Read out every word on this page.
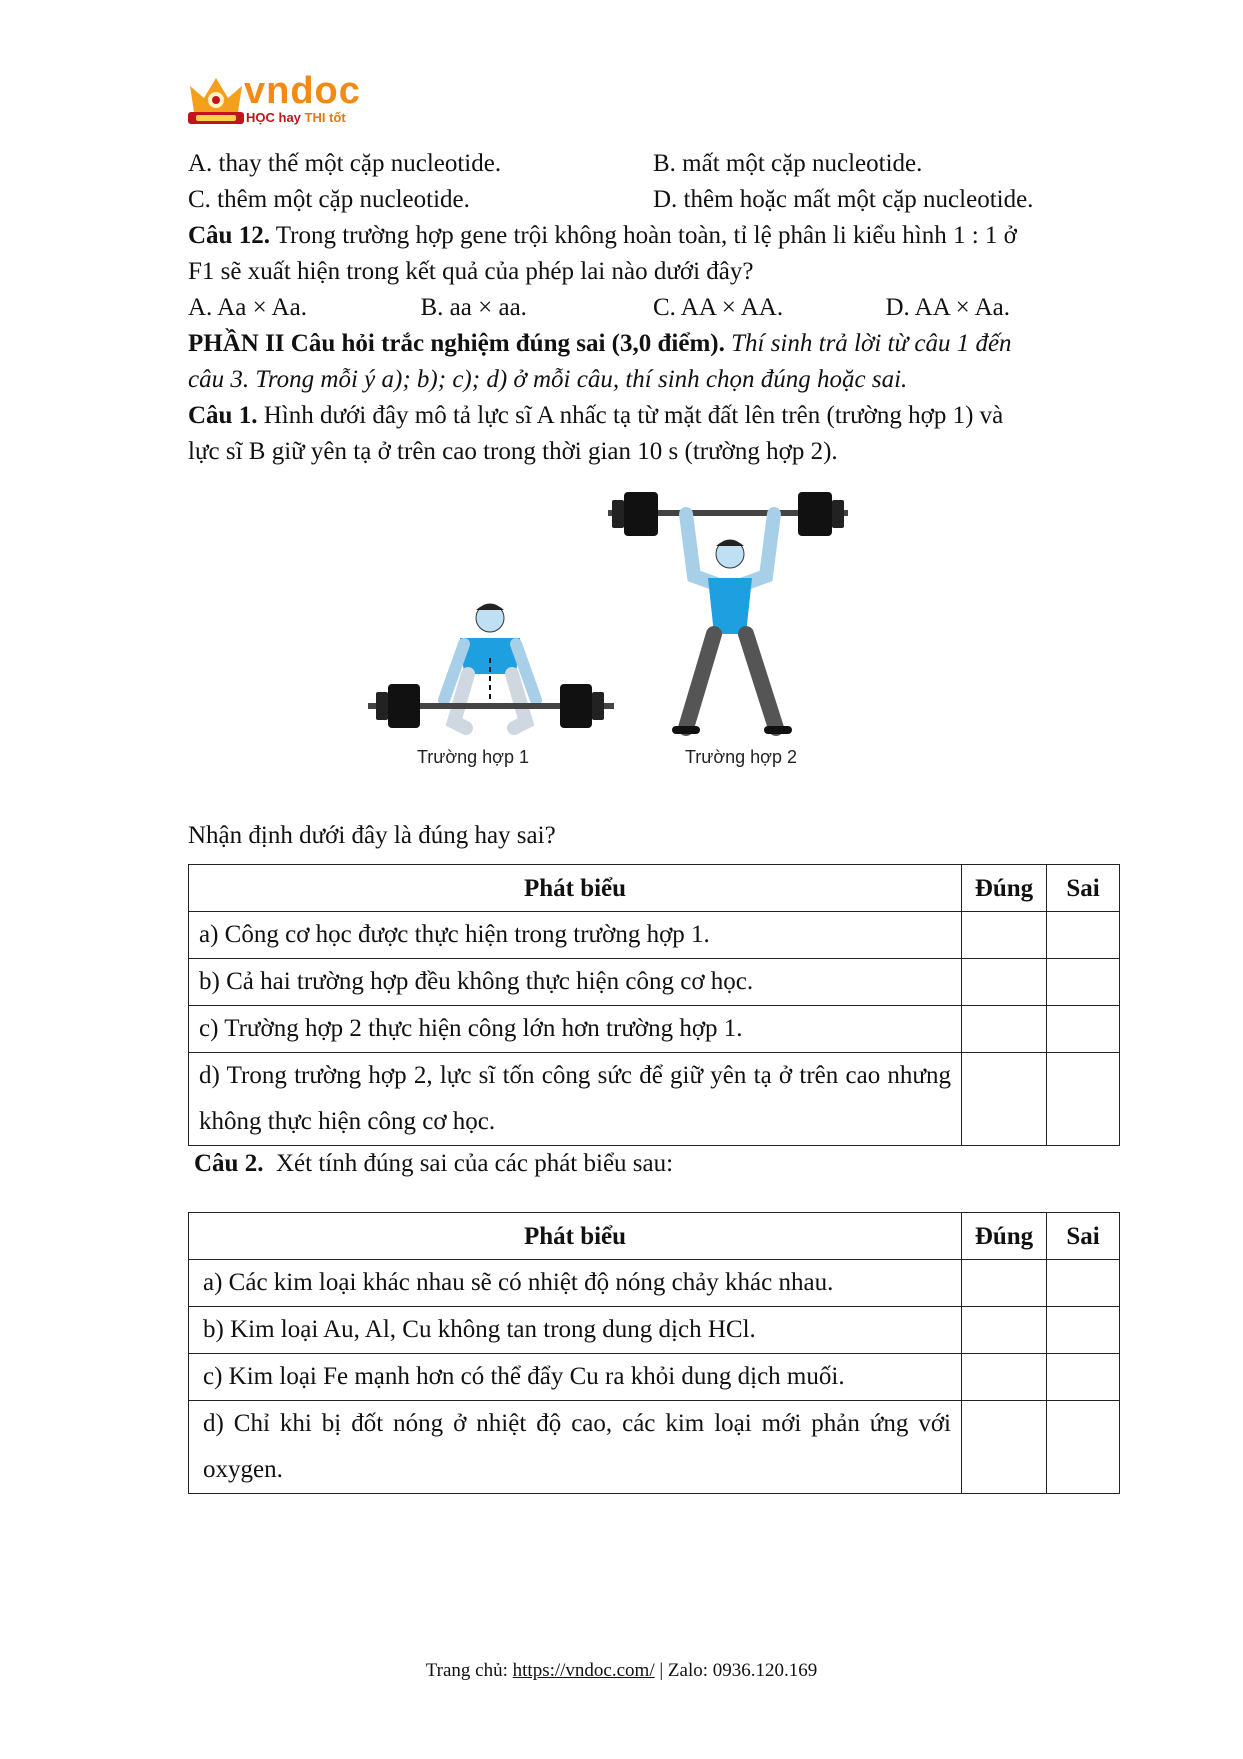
vndoc
HỌC hay THI tốt
A. thay thế một cặp nucleotide.	B. mất một cặp nucleotide.
C. thêm một cặp nucleotide.	D. thêm hoặc mất một cặp nucleotide.
Câu 12. Trong trường hợp gene trội không hoàn toàn, tỉ lệ phân li kiểu hình 1 : 1 ở
F1 sẽ xuất hiện trong kết quả của phép lai nào dưới đây?
A. Aa × Aa.	B. aa × aa.	C. AA × AA.	D. AA × Aa.
PHẦN II Câu hỏi trắc nghiệm đúng sai (3,0 điểm). Thí sinh trả lời từ câu 1 đến
câu 3. Trong mỗi ý a); b); c); d) ở mỗi câu, thí sinh chọn đúng hoặc sai.
Câu 1. Hình dưới đây mô tả lực sĩ A nhấc tạ từ mặt đất lên trên (trường hợp 1) và
lực sĩ B giữ yên tạ ở trên cao trong thời gian 10 s (trường hợp 2).
Trường hợp 1	Trường hợp 2
Nhận định dưới đây là đúng hay sai?
Phát biểu	Đúng	Sai
a) Công cơ học được thực hiện trong trường hợp 1.		
b) Cả hai trường hợp đều không thực hiện công cơ học.		
c) Trường hợp 2 thực hiện công lớn hơn trường hợp 1.		
d) Trong trường hợp 2, lực sĩ tốn công sức để giữ yên tạ ở trên cao nhưng không thực hiện công cơ học.		
Câu 2.  Xét tính đúng sai của các phát biểu sau:
Phát biểu	Đúng	Sai
a) Các kim loại khác nhau sẽ có nhiệt độ nóng chảy khác nhau.		
b) Kim loại Au, Al, Cu không tan trong dung dịch HCl.		
c) Kim loại Fe mạnh hơn có thể đẩy Cu ra khỏi dung dịch muối.		
d) Chỉ khi bị đốt nóng ở nhiệt độ cao, các kim loại mới phản ứng với oxygen.		
Trang chủ: https://vndoc.com/ | Zalo: 0936.120.169
